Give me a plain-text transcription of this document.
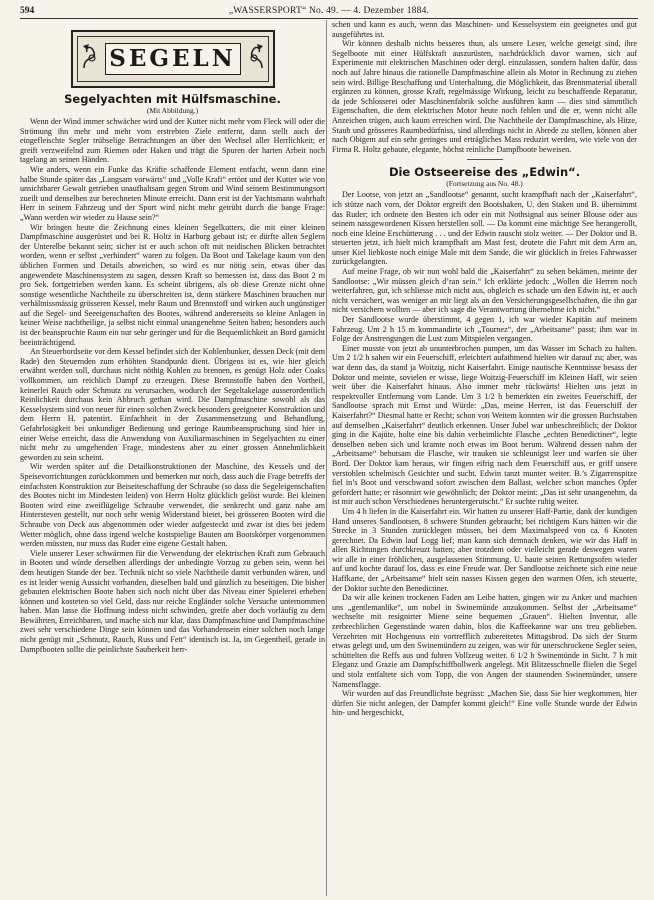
594	„WASSERSPORT“ No. 49. — 4. Dezember 1884.
SEGELN
Segelyachten mit Hülfsmaschine.
(Mit Abbildung.)

Wenn der Wind immer schwächer wird und der Kutter nicht mehr vom Fleck will oder die Strömung ihn mehr und mehr vom erstrebten Ziele entfernt, dann stellt auch der eingefleischte Segler trübselige Betrachtungen an über den Wechsel aller Herrlichkeit; er greift verzweifelnd zum Riemen oder Haken und trägt die Spuren der harten Arbeit noch tagelang an seinen Händen.

Wie anders, wenn ein Funke das Kräfte schaffende Element entfacht, wenn dann eine halbe Stunde später das „Langsam vorwärts“ und „Volle Kraft“ ertönt und der Kutter wie von unsichtbarer Gewalt getrieben unaufhaltsam gegen Strom und Wind seinem Bestimmungsort zueilt und denselben zur berechneten Minute erreicht. Dann erst ist der Yachtsmann wahrhaft Herr in seinem Fahrzeug und der Sport wird nicht mehr getrübt durch die bange Frage: „Wann werden wir wieder zu Hause sein?“

Wir bringen heute die Zeichnung eines kleinen Segelkutters, die mit einer kleinen Dampfmaschine ausgerüstet und bei R. Holtz in Harburg gebaut ist; er dürfte allen Seglern der Unterelbe bekannt sein; sicher ist er auch schon oft mit neidischen Blicken betrachtet worden, wenn er selbst „verhindert“ waren zu folgen. Da Boot und Takelage kaum von den üblichen Formen und Details abweichen, so wird es nur nötig sein, etwas über das angewendete Maschinensystem zu sagen, dessen Kraft so bemessen ist, dass das Boot 2 m pro Sek. fortgetrieben werden kann. Es scheint übrigens, als ob diese Grenze nicht ohne sonstige wesentliche Nachtheile zu überschreiten ist, denn stärkere Maschinen brauchen nur verhältnissmässig grösseren Kessel, mehr Raum und Brennstoff und wirken auch ungünstiger auf die Segel- und Seeeigenschaften des Bootes, während andererseits so kleine Anlagen in keiner Weise nachtheilige, ja selbst nicht einmal unangenehme Seiten haben; besonders auch ist der beanspruchte Raum ein nur sehr geringer und für die Bequemlichkeit an Bord garnicht beeinträchtigend.

An Steuerbordseite vor dem Kessel befindet sich der Kohlenbunker, dessen Deck (mit dem Rade) den Steuernden zum erhöhten Standpunkt dient. Übrigens ist es, wie hier gleich erwähnt werden soll, durchaus nicht nöthig Kohlen zu brennen, es genügt Holz oder Coaks vollkommen, um reichlich Dampf zu erzeugen. Diese Brennstoffe haben den Vortheil, keinerlei Rauch oder Schmutz zu verursachen, wodurch der Segeltakelage ausserordentlich Reinlichkeit durchaus kein Abbruch gethan wird. Die Dampfmaschine sowohl als das Kesselsystem sind von neuer für einen solchen Zweck besonders geeigneter Konstruktion und dem Herrn H. patentirt. Einfachheit in der Zusammensetzung und Behandlung, Gefahrlosigkeit bei unkundiger Bedienung und geringe Raumbeanspruchung sind hier in einer Weise erreicht, dass die Anwendung von Auxiliarmaschinen in Segelyachten zu einer nicht mehr zu umgehenden Frage, mindestens aber zu einer grossen Annehmlichkeit geworden zu sein scheint.

Wir werden später auf die Detailkonstruktionen der Maschine, des Kessels und der Speisevorrichtungen zurückkommen und bemerken nur noch, dass auch die Frage betreffs der einfachsten Konstruktion zur Beiseiteschaffung der Schraube (so dass die Segeleigenschaften des Bootes nicht im Mindesten leiden) von Herrn Holtz glücklich gelöst wurde. Bei kleinen Booten wird eine zweiflügelige Schraube verwendet, die senkrecht und ganz nahe am Hintersteven gestellt, nur noch sehr wenig Widerstand bietet, bei grösseren Booten wird die Schraube von Deck aus abgenommen oder wieder aufgesteckt und zwar ist dies bei jedem Wetter möglich, ohne dass irgend welche kostspielige Bauten am Bootskörper vorgenommen werden müssten, nur muss das Ruder eine eigene Gestalt haben.

Viele unserer Leser schwärmen für die Verwendung der elektrischen Kraft zum Gebrauch in Booten und würde derselben allerdings der unbedingte Vorzug zu geben sein, wenn bei dem heutigen Stande der bez. Technik nicht so viele Nachtheile damit verbunden wären, und es ist leider wenig Aussicht vorhanden, dieselben bald und gänzlich zu beseitigen. Die bisher gebauten elektrischen Boote haben sich noch nicht über das Niveau einer Spielerei erheben können und kosteten so viel Geld, dass nur reiche Engländer solche Versuche unternommen haben. Man lasse die Hoffnung indess nicht schwinden, greife aber doch vorläufig zu dem Bewährten, Erreichbaren, und mache sich nur klar, dass Dampfmaschine und Dampfmaschine zwei sehr verschiedene Dinge sein können und das Vorhandensein einer solchen noch lange nicht genügt mit „Schmutz, Rauch, Russ und Fett“ identisch ist. Ja, im Gegentheil, gerade in Dampfbooten sollte die peinlichste Sauberkeit herr-

schen und kann es auch, wenn das Maschinen- und Kesselsystem ein geeignetes und gut ausgeführtes ist.

Wir können deshalb nichts besseres thun, als unsere Leser, welche geneigt sind, ihre Segelboote mit einer Hülfskraft auszurüsten, nachdrücklich davor warnen, sich auf Experimente mit elektrischen Maschinen oder dergl. einzulassen, sondern halten dafür, dass noch auf Jahre hinaus die rationelle Dampfmaschine allein als Motor in Rechnung zu ziehen sein wird. Billige Beschaffung und Unterhaltung, die Möglichkeit, das Brennmaterial überall ergänzen zu können, grosse Kraft, regelmässige Wirkung, leicht zu beschaffende Reparatur, da jede Schlosserei oder Maschinenfabrik solche ausführen kann — dies sind sämmtlich Eigenschaften, die dem elektrischen Motor heute noch fehlen und die er, wenn nicht alle Anzeichen trügen, auch kaum erreichen wird. Die Nachtheile der Dampfmaschine, als Hitze, Staub und grösseres Raumbedürfniss, sind allerdings nicht in Abrede zu stellen, können aber nach Obigem auf ein sehr geringes und erträgliches Mass reduzirt werden, wie viele von der Firma R. Holtz gebaute, elegante, höchst reinliche Dampfboote beweisen.

Die Ostseereise des „Edwin“.
(Fortsetzung aus No. 48.)

Der Lootse, von jetzt an „Sandlootse“ genannt, sucht krampfhaft nach der „Kaiserfahrt“, ich stütze nach vorn, der Doktor ergreift den Bootshaken, U. den Staken und B. übernimmt das Ruder; ich ordnete den Besten ich oder ein mit Nothsignal aus seiner Blouse oder aus seinem nassgewordenen Kissen herstellen soll. — Da kommt eine mächtige See herangerollt, noch eine kleine Erschütterung . . . und der Edwin rauscht stolz weiter. — Der Doktor und B. steuerten jetzt, ich hielt mich krampfhaft am Mast fest, deutete die Fahrt mit dem Arm an, unser Kiel liebkoste noch einige Male mit dem Sande, die wir glücklich in freies Fahrwasser zurückgelangten.

Auf meine Frage, ob wir nun wohl bald die „Kaiserfahrt“ zu sehen bekämen, meinte der Sandlootse: „Wir müssen gleich d’ran sein.“ Ich erklärte jedoch: „Wollen die Herren noch weiterfahren, gut, ich schliesse mich nicht aus, obgleich es schade um den Edwin ist, er auch nicht versichert, was weniger an mir liegt als an den Versicherungsgesellschaften, die ihn gar nicht versichern wollten — aber ich sage die Verantwortung übernehme ich nicht.“

Der Sandlootse wurde überstimmt, 4 gegen 1, ich war wieder Kapitän auf meinem Fahrzeug. Um 2 h 15 m kommandirte ich „Tournez“, der „Arbeitsame“ passt; ihm war in Folge der Anstrengungen die Lust zum Mitspielen vergangen.

Einer musste von jetzt ab ununterbrochen pumpen, um das Wasser im Schach zu halten. Um 2 1/2 h sahen wir ein Feuerschiff, erleichtert aufathmend hielten wir darauf zu; aber, was war denn das, da stand ja Woitzig, nicht Kaiserfahrt. Einige nautische Kenntnisse besass der Doktor und meinte, sovielen er wisse, liege Woitzig-Feuerschiff im Kleinen Haff, wir seien weit über die Kaiserfahrt hinaus. Also immer mehr rückwärts! Hielten uns jetzt in respektvoller Entfernung vom Lande. Um 3 1/2 h bemerkten ein zweites Feuerschiff, der Sandlootse sprach mit Ernst und Würde: „Das, meine Herren, ist das Feuerschiff der Kaiserfahrt?“ Diesmal hatte er Recht; schon von Weitem konnten wir die grossen Buchstaben auf demselben „Kaiserfahrt“ deutlich erkennen. Unser Jubel war unbeschreiblich; der Doktor ging in die Kajüte, holte eine bis dahin verheimlichte Flasche „echten Benedictiner“, legte denselben neben sich und kramte noch etwas im Boot herum. Während dessen nahm der „Arbeitsame“ behutsam die Flasche, wir trauken sie schleunigst leer und warfen sie über Bord. Der Doktor kam heraus, wir fingen eifrig nach dem Feuerschiff aus, er griff unsere verstohlen schelmisch Gesichter und sucht. Edwin tanzt munter weiter. B.’s Zigarrenspitze fiel in’s Boot und verschwand sofort zwischen dem Ballast, welcher schon manches Opfer gefordert hatte; er räsonnirt wie gewöhnlich; der Doktor meint: „Das ist sehr unangenehm, da ist mir auch schon Verschiedenes heruntergerutscht.“ Er suchte ruhig weiter.

Um 4 h liefen in die Kaiserfahrt ein. Wir hatten zu unserer Haff-Partie, dank der kundigen Hand unseres Sandlootsen, 8 schwere Stunden gebraucht; bei richtigem Kurs hätten wir die Strecke in 3 Stunden zurücklegen müssen, bei dem Maximalspeed von ca. 6 Knoten gerechnet. Da Edwin lauf Logg lief; man kann sich demnach denken, wie wir das Haff in allen Richtungen durchkreuzt hatten; aber trotzdem oder vielleicht gerade deswegen waren wir alle in einer fröhlichen, ausgelassenen Stimmung. U. baute seinen Rettungsofen wieder auf und kochte darauf los, dass es eine Freude war. Der Sandlootse zeichnete sich eine neue Haffkarte, der „Arbeitsame“ hielt sein nasses Kissen gegen den warmen Ofen, ich steuerte, der Doktor suchte den Benedictiner.

Da wir alle keinen trockenen Faden am Leibe hatten, gingen wir zu Anker und machten uns „gentlemanlike“, um nobel in Swinemünde anzukommen. Selbst der „Arbeitsame“ wechselte mit resignirter Miene seine bequemen „Grauen“. Hielten Inventur, alle zerbrechlichen Gegenstände waren dahin, blos die Kaffeekanne war uns treu geblieben. Verzehrten mit Hochgenuss ein vortrefflich zubereitetes Mittagsbrod. Da sich der Sturm etwas gelegt und, um den Swinemündern zu zeigen, was wir für unerschrockene Segler seien, schüttelten die Reffs aus und fuhren Vollzeug weiter. 6 1/2 h Swinemünde in Sicht. 7 h mit Eleganz und Grazie am Dampfschiffbollwerk angelegt. Mit Blitzesschnelle flielen die Segel und stolz entfaltete sich vom Topp, die von Angen der staunenden Swinemünder, unsere Namensflagge.

Wir wurden auf das Freundlichste begrüsst: „Machen Sie, dass Sie hier wegkommen, hier dürfen Sie nicht anlegen, der Dampfer kommt gleich!“ Eine volle Stunde wurde der Edwin hin- und hergeschickt,
